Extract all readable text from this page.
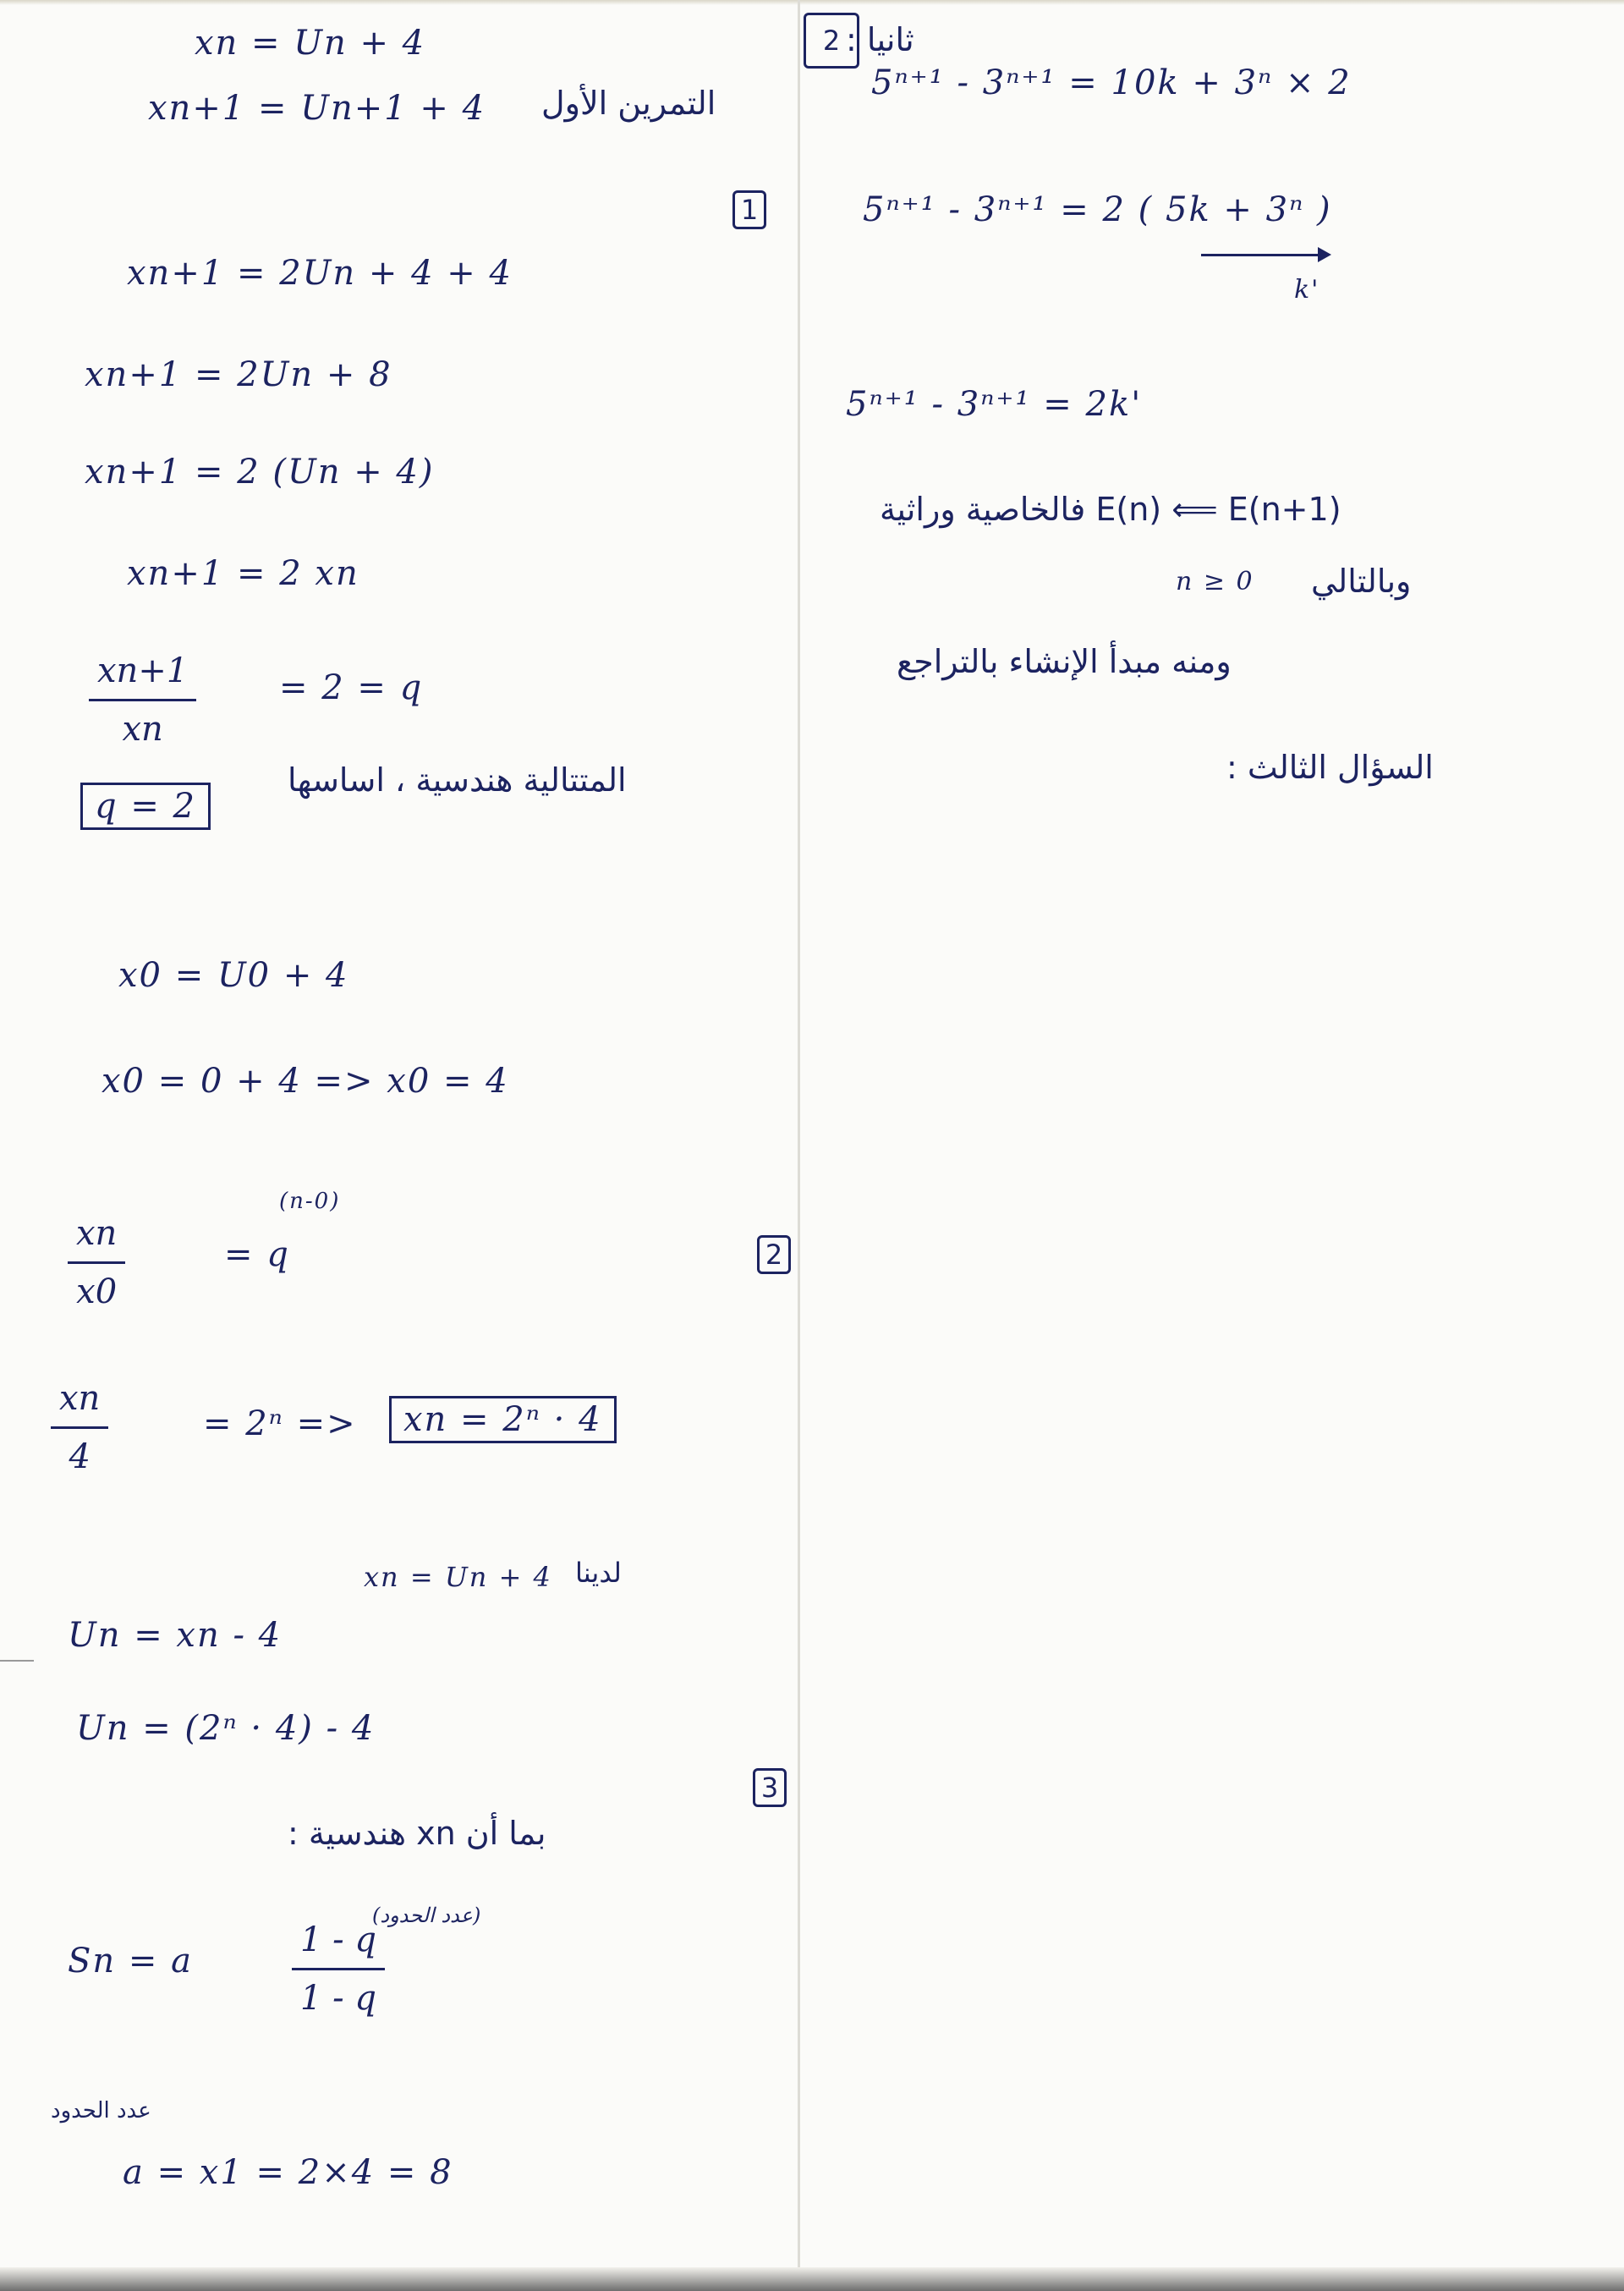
xn = Un + 4
xn+1 = Un+1 + 4 التمرين الأول
1
xn+1 = 2Un + 4 + 4
xn+1 = 2Un + 8
xn+1 = 2 (Un + 4)
xn+1 = 2 xn
xn+1
xn
= 2 = q
q = 2
المتتالية هندسية ، اساسها
x0 = U0 + 4
x0 = 0 + 4 => x0 = 4
(n-0)
xn
x0
= q	2
xn
4
= 2ⁿ =>	xn = 2ⁿ · 4
لدينا
xn = Un + 4
Un = xn - 4
Un = (2ⁿ · 4) - 4
3
بما أن xn هندسية :
(عدد الحدود)
Sn = a
1 - q
1 - q
عدد الحدود
a = x1 = 2×4 = 8
ثانيا :
2
5ⁿ⁺¹ - 3ⁿ⁺¹ = 10k + 3ⁿ × 2
5ⁿ⁺¹ - 3ⁿ⁺¹ = 2 ( 5k + 3ⁿ )
k'
5ⁿ⁺¹ - 3ⁿ⁺¹ = 2k'
E(n) ⟸ E(n+1) فالخاصية وراثية
وبالتالي
n ≥ 0
ومنه مبدأ الإنشاء بالتراجع
السؤال الثالث :
